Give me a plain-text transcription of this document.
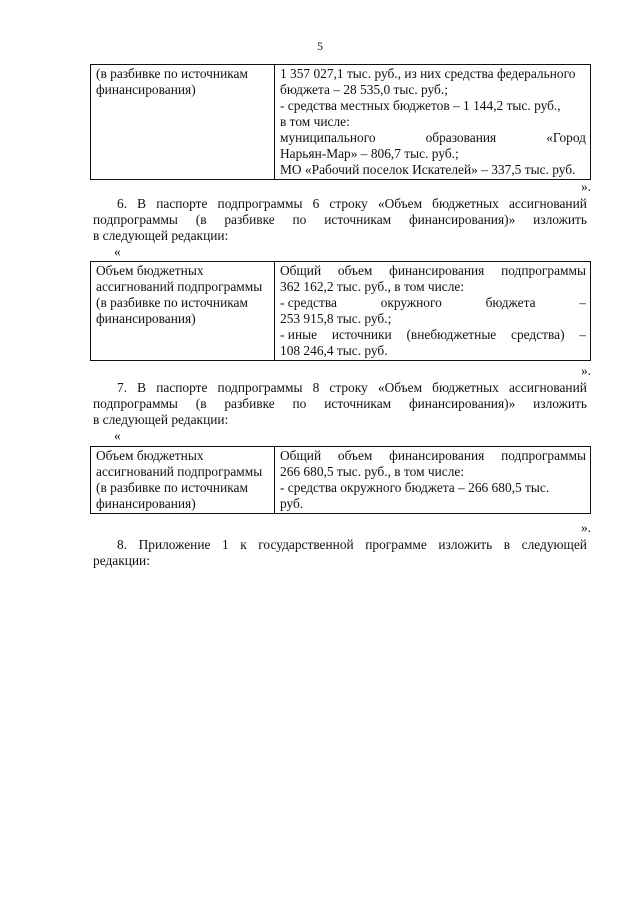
5
(в разбивке по источникам
финансирования)

1 357 027,1 тыс. руб., из них средства федерального
бюджета – 28 535,0 тыс. руб.;
- средства местных бюджетов – 1 144,2 тыс. руб.,
в том числе:
муниципального	образования	«Город
Нарьян-Мар» – 806,7 тыс. руб.;
МО «Рабочий поселок Искателей» – 337,5 тыс. руб.
».
6. В паспорте подпрограммы 6 строку «Объем бюджетных ассигнований
подпрограммы (в разбивке по источникам финансирования)» изложить
в следующей редакции:
«
Объем бюджетных
ассигнований подпрограммы
(в разбивке по источникам
финансирования)

Общий объем финансирования подпрограммы
362 162,2 тыс. руб., в том числе:
- средства	окружного	бюджета	–
253 915,8 тыс. руб.;
- иные источники (внебюджетные средства) –
108 246,4 тыс. руб.
».
7. В паспорте подпрограммы 8 строку «Объем бюджетных ассигнований
подпрограммы (в разбивке по источникам финансирования)» изложить
в следующей редакции:
«
Объем бюджетных
ассигнований подпрограммы
(в разбивке по источникам
финансирования)

Общий объем финансирования подпрограммы
266 680,5 тыс. руб., в том числе:
- средства окружного бюджета – 266 680,5 тыс.
руб.
».
8. Приложение 1 к государственной программе изложить в следующей
редакции:
